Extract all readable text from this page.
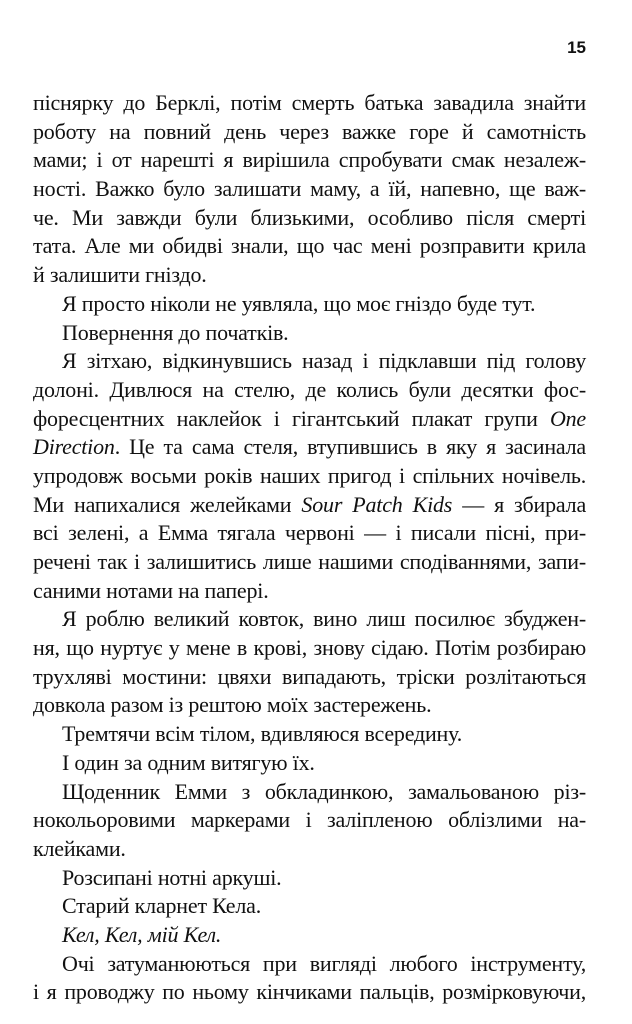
15
піснярку до Берклі, потім смерть батька завадила знайти
роботу на повний день через важке горе й самотність
мами; і от нарешті я вирішила спробувати смак незалеж-
ності. Важко було залишати маму, а їй, напевно, ще важ-
че. Ми завжди були близькими, особливо після смерті
тата. Але ми обидві знали, що час мені розправити крила
й залишити гніздо.
Я просто ніколи не уявляла, що моє гніздо буде тут.
Повернення до початків.
Я зітхаю, відкинувшись назад і підклавши під голову
долоні. Дивлюся на стелю, де колись були десятки фос-
форесцентних наклейок і гігантський плакат групи One
Direction. Це та сама стеля, втупившись в яку я засинала
упродовж восьми років наших пригод і спільних ночівель.
Ми напихалися желейками Sour Patch Kids — я збирала
всі зелені, а Емма тягала червоні — і писали пісні, при-
речені так і залишитись лише нашими сподіваннями, запи-
саними нотами на папері.
Я роблю великий ковток, вино лиш посилює збуджен-
ня, що нуртує у мене в крові, знову сідаю. Потім розбираю
трухляві мостини: цвяхи випадають, тріски розлітаються
довкола разом із рештою моїх застережень.
Тремтячи всім тілом, вдивляюся всередину.
І один за одним витягую їх.
Щоденник Емми з обкладинкою, замальованою різ-
нокольоровими маркерами і заліпленою облізлими на-
клейками.
Розсипані нотні аркуші.
Старий кларнет Кела.
Кел, Кел, мій Кел.
Очі затуманюються при вигляді любого інструменту,
і я проводжу по ньому кінчиками пальців, розмірковуючи,
